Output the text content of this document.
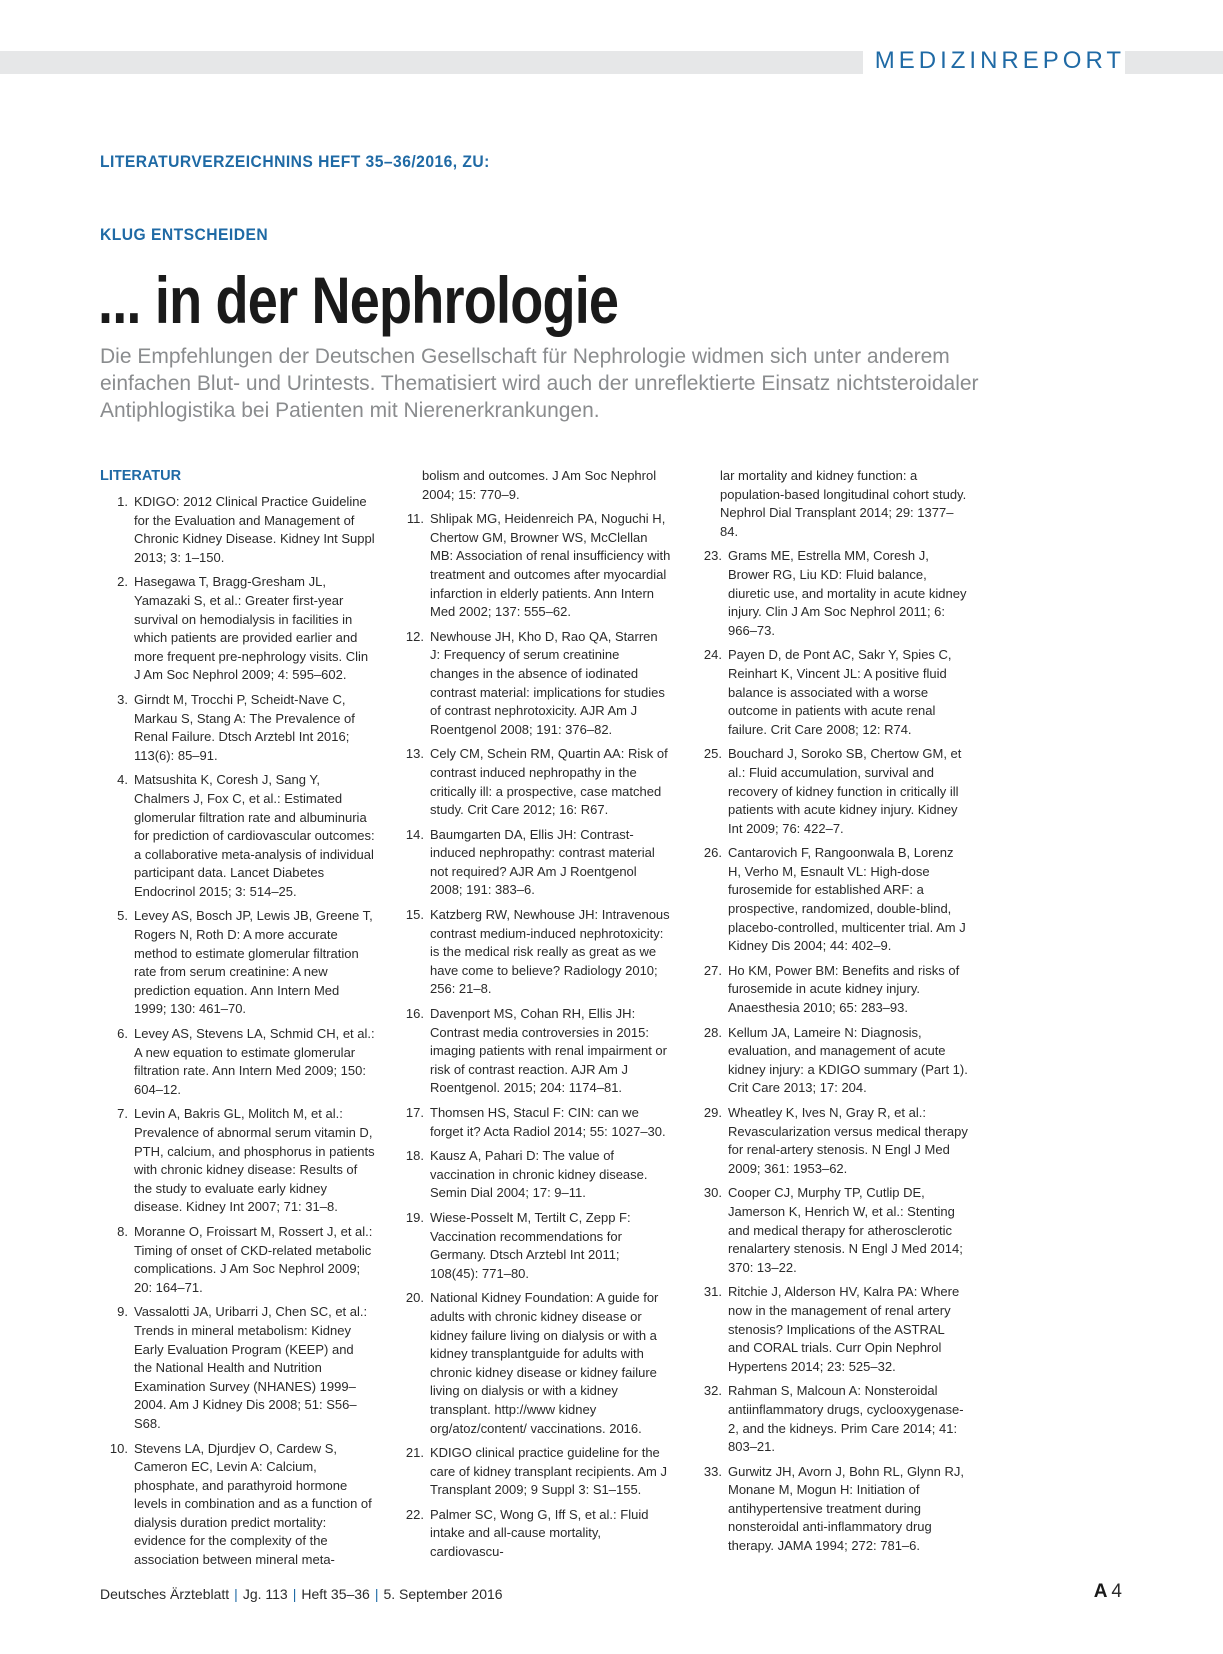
MEDIZINREPORT
LITERATURVERZEICHNINS HEFT 35–36/2016, ZU:
KLUG ENTSCHEIDEN
... in der Nephrologie
Die Empfehlungen der Deutschen Gesellschaft für Nephrologie widmen sich unter anderem einfachen Blut- und Urintests. Thematisiert wird auch der unreflektierte Einsatz nichtsteroidaler Antiphlogistika bei Patienten mit Nierenerkrankungen.
LITERATUR
1. KDIGO: 2012 Clinical Practice Guideline for the Evaluation and Management of Chronic Kidney Disease. Kidney Int Suppl 2013; 3: 1–150.
2. Hasegawa T, Bragg-Gresham JL, Yamazaki S, et al.: Greater first-year survival on hemodialysis in facilities in which patients are provided earlier and more frequent pre-nephrology visits. Clin J Am Soc Nephrol 2009; 4: 595–602.
3. Girndt M, Trocchi P, Scheidt-Nave C, Markau S, Stang A: The Prevalence of Renal Failure. Dtsch Arztebl Int 2016; 113(6): 85–91.
4. Matsushita K, Coresh J, Sang Y, Chalmers J, Fox C, et al.: Estimated glomerular filtration rate and albuminuria for prediction of cardiovascular outcomes: a collaborative meta-analysis of individual participant data. Lancet Diabetes Endocrinol 2015; 3: 514–25.
5. Levey AS, Bosch JP, Lewis JB, Greene T, Rogers N, Roth D: A more accurate method to estimate glomerular filtration rate from serum creatinine: A new prediction equation. Ann Intern Med 1999; 130: 461–70.
6. Levey AS, Stevens LA, Schmid CH, et al.: A new equation to estimate glomerular filtration rate. Ann Intern Med 2009; 150: 604–12.
7. Levin A, Bakris GL, Molitch M, et al.: Prevalence of abnormal serum vitamin D, PTH, calcium, and phosphorus in patients with chronic kidney disease: Results of the study to evaluate early kidney disease. Kidney Int 2007; 71: 31–8.
8. Moranne O, Froissart M, Rossert J, et al.: Timing of onset of CKD-related metabolic complications. J Am Soc Nephrol 2009; 20: 164–71.
9. Vassalotti JA, Uribarri J, Chen SC, et al.: Trends in mineral metabolism: Kidney Early Evaluation Program (KEEP) and the National Health and Nutrition Examination Survey (NHANES) 1999–2004. Am J Kidney Dis 2008; 51: S56–S68.
10. Stevens LA, Djurdjev O, Cardew S, Cameron EC, Levin A: Calcium, phosphate, and parathyroid hormone levels in combination and as a function of dialysis duration predict mortality: evidence for the complexity of the association between mineral meta-
bolism and outcomes. J Am Soc Nephrol 2004; 15: 770–9.
11. Shlipak MG, Heidenreich PA, Noguchi H, Chertow GM, Browner WS, McClellan MB: Association of renal insufficiency with treatment and outcomes after myocardial infarction in elderly patients. Ann Intern Med 2002; 137: 555–62.
12. Newhouse JH, Kho D, Rao QA, Starren J: Frequency of serum creatinine changes in the absence of iodinated contrast material: implications for studies of contrast nephrotoxicity. AJR Am J Roentgenol 2008; 191: 376–82.
13. Cely CM, Schein RM, Quartin AA: Risk of contrast induced nephropathy in the critically ill: a prospective, case matched study. Crit Care 2012; 16: R67.
14. Baumgarten DA, Ellis JH: Contrast-induced nephropathy: contrast material not required? AJR Am J Roentgenol 2008; 191: 383–6.
15. Katzberg RW, Newhouse JH: Intravenous contrast medium-induced nephrotoxicity: is the medical risk really as great as we have come to believe? Radiology 2010; 256: 21–8.
16. Davenport MS, Cohan RH, Ellis JH: Contrast media controversies in 2015: imaging patients with renal impairment or risk of contrast reaction. AJR Am J Roentgenol. 2015; 204: 1174–81.
17. Thomsen HS, Stacul F: CIN: can we forget it? Acta Radiol 2014; 55: 1027–30.
18. Kausz A, Pahari D: The value of vaccination in chronic kidney disease. Semin Dial 2004; 17: 9–11.
19. Wiese-Posselt M, Tertilt C, Zepp F: Vaccination recommendations for Germany. Dtsch Arztebl Int 2011; 108(45): 771–80.
20. National Kidney Foundation: A guide for adults with chronic kidney disease or kidney failure living on dialysis or with a kidney transplantguide for adults with chronic kidney disease or kidney failure living on dialysis or with a kidney transplant. http://www kidney org/atoz/content/ vaccinations. 2016.
21. KDIGO clinical practice guideline for the care of kidney transplant recipients. Am J Transplant 2009; 9 Suppl 3: S1–155.
22. Palmer SC, Wong G, Iff S, et al.: Fluid intake and all-cause mortality, cardiovascu-
lar mortality and kidney function: a population-based longitudinal cohort study. Nephrol Dial Transplant 2014; 29: 1377–84.
23. Grams ME, Estrella MM, Coresh J, Brower RG, Liu KD: Fluid balance, diuretic use, and mortality in acute kidney injury. Clin J Am Soc Nephrol 2011; 6: 966–73.
24. Payen D, de Pont AC, Sakr Y, Spies C, Reinhart K, Vincent JL: A positive fluid balance is associated with a worse outcome in patients with acute renal failure. Crit Care 2008; 12: R74.
25. Bouchard J, Soroko SB, Chertow GM, et al.: Fluid accumulation, survival and recovery of kidney function in critically ill patients with acute kidney injury. Kidney Int 2009; 76: 422–7.
26. Cantarovich F, Rangoonwala B, Lorenz H, Verho M, Esnault VL: High-dose furosemide for established ARF: a prospective, randomized, double-blind, placebo-controlled, multicenter trial. Am J Kidney Dis 2004; 44: 402–9.
27. Ho KM, Power BM: Benefits and risks of furosemide in acute kidney injury. Anaesthesia 2010; 65: 283–93.
28. Kellum JA, Lameire N: Diagnosis, evaluation, and management of acute kidney injury: a KDIGO summary (Part 1). Crit Care 2013; 17: 204.
29. Wheatley K, Ives N, Gray R, et al.: Revascularization versus medical therapy for renal-artery stenosis. N Engl J Med 2009; 361: 1953–62.
30. Cooper CJ, Murphy TP, Cutlip DE, Jamerson K, Henrich W, et al.: Stenting and medical therapy for atherosclerotic renalartery stenosis. N Engl J Med 2014; 370: 13–22.
31. Ritchie J, Alderson HV, Kalra PA: Where now in the management of renal artery stenosis? Implications of the ASTRAL and CORAL trials. Curr Opin Nephrol Hypertens 2014; 23: 525–32.
32. Rahman S, Malcoun A: Nonsteroidal antiinflammatory drugs, cyclooxygenase-2, and the kidneys. Prim Care 2014; 41: 803–21.
33. Gurwitz JH, Avorn J, Bohn RL, Glynn RJ, Monane M, Mogun H: Initiation of antihypertensive treatment during nonsteroidal anti-inflammatory drug therapy. JAMA 1994; 272: 781–6.
Deutsches Ärzteblatt | Jg. 113 | Heft 35–36 | 5. September 2016	A 4
